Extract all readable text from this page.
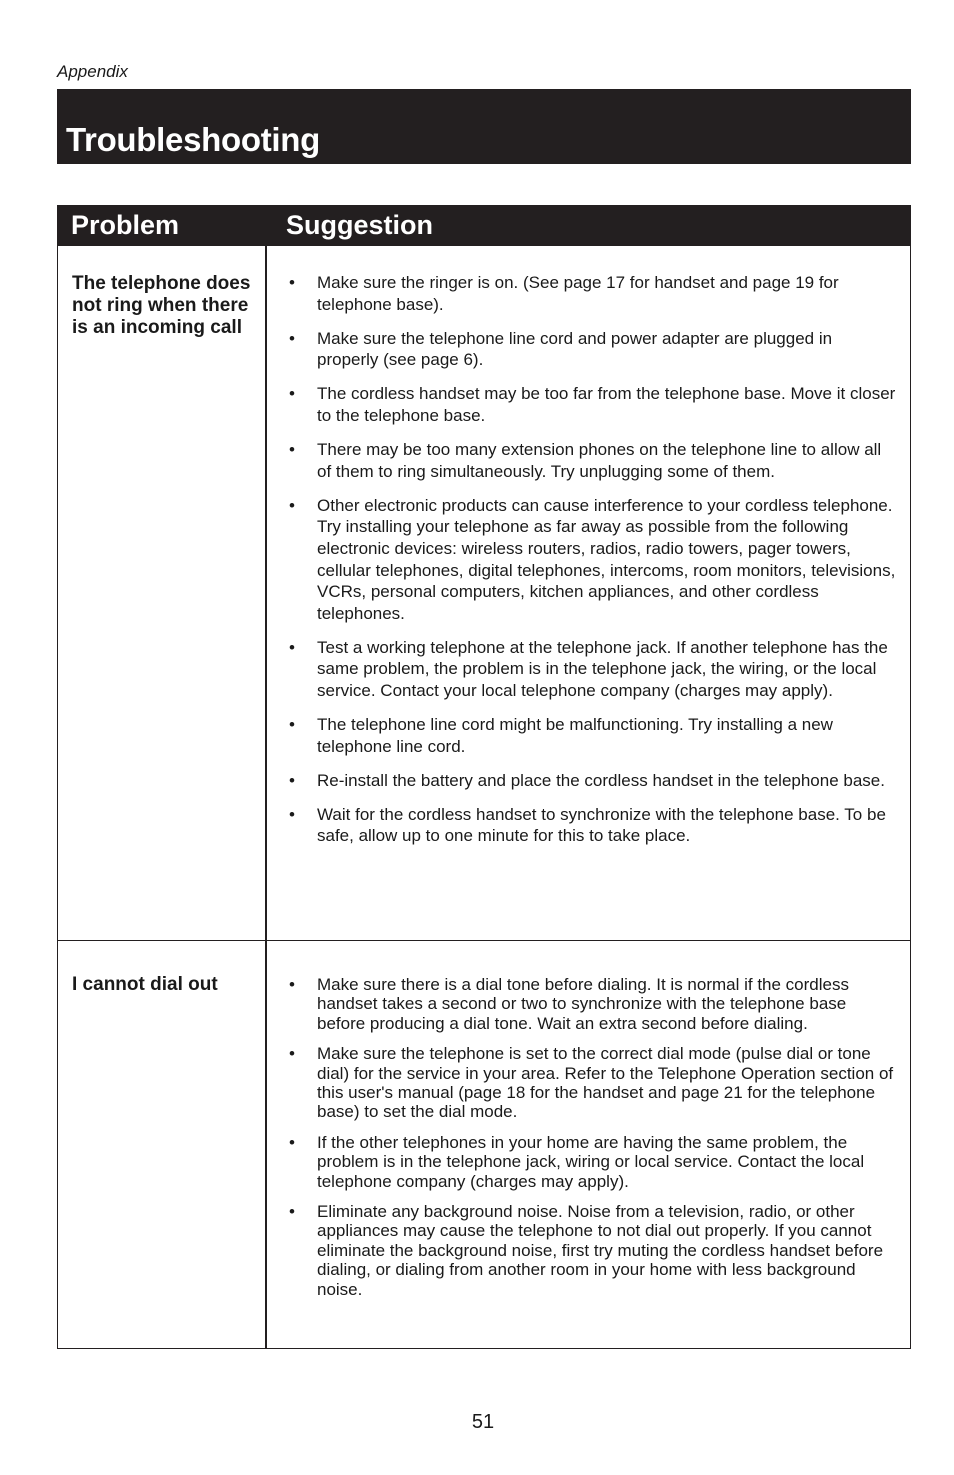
Appendix
Troubleshooting
Problem	Suggestion
The telephone does not ring when there is an incoming call
• Make sure the ringer is on. (See page 17 for handset and page 19 for telephone base).
• Make sure the telephone line cord and power adapter are plugged in properly (see page 6).
• The cordless handset may be too far from the telephone base. Move it closer to the telephone base.
• There may be too many extension phones on the telephone line to allow all of them to ring simultaneously. Try unplugging some of them.
• Other electronic products can cause interference to your cordless telephone. Try installing your telephone as far away as possible from the following electronic devices: wireless routers, radios, radio towers, pager towers, cellular telephones, digital telephones, intercoms, room monitors, televisions, VCRs, personal computers, kitchen appliances, and other cordless telephones.
• Test a working telephone at the telephone jack. If another telephone has the same problem, the problem is in the telephone jack, the wiring, or the local service. Contact your local telephone company (charges may apply).
• The telephone line cord might be malfunctioning. Try installing a new telephone line cord.
• Re-install the battery and place the cordless handset in the telephone base.
• Wait for the cordless handset to synchronize with the telephone base. To be safe, allow up to one minute for this to take place.
I cannot dial out
•	Make sure there is a dial tone before dialing. It is normal if the cordless handset takes a second or two to synchronize with the telephone base before producing a dial tone. Wait an extra second before dialing.
• Make sure the telephone is set to the correct dial mode (pulse dial or tone dial) for the service in your area. Refer to the Telephone Operation section of this user's manual (page 18 for the handset and page 21 for the telephone base) to set the dial mode.
• If the other telephones in your home are having the same problem, the problem is in the telephone jack, wiring or local service. Contact the local telephone company (charges may apply).
• Eliminate any background noise. Noise from a television, radio, or other appliances may cause the telephone to not dial out properly. If you cannot eliminate the background noise, first try muting the cordless handset before dialing, or dialing from another room in your home with less background noise.
51
